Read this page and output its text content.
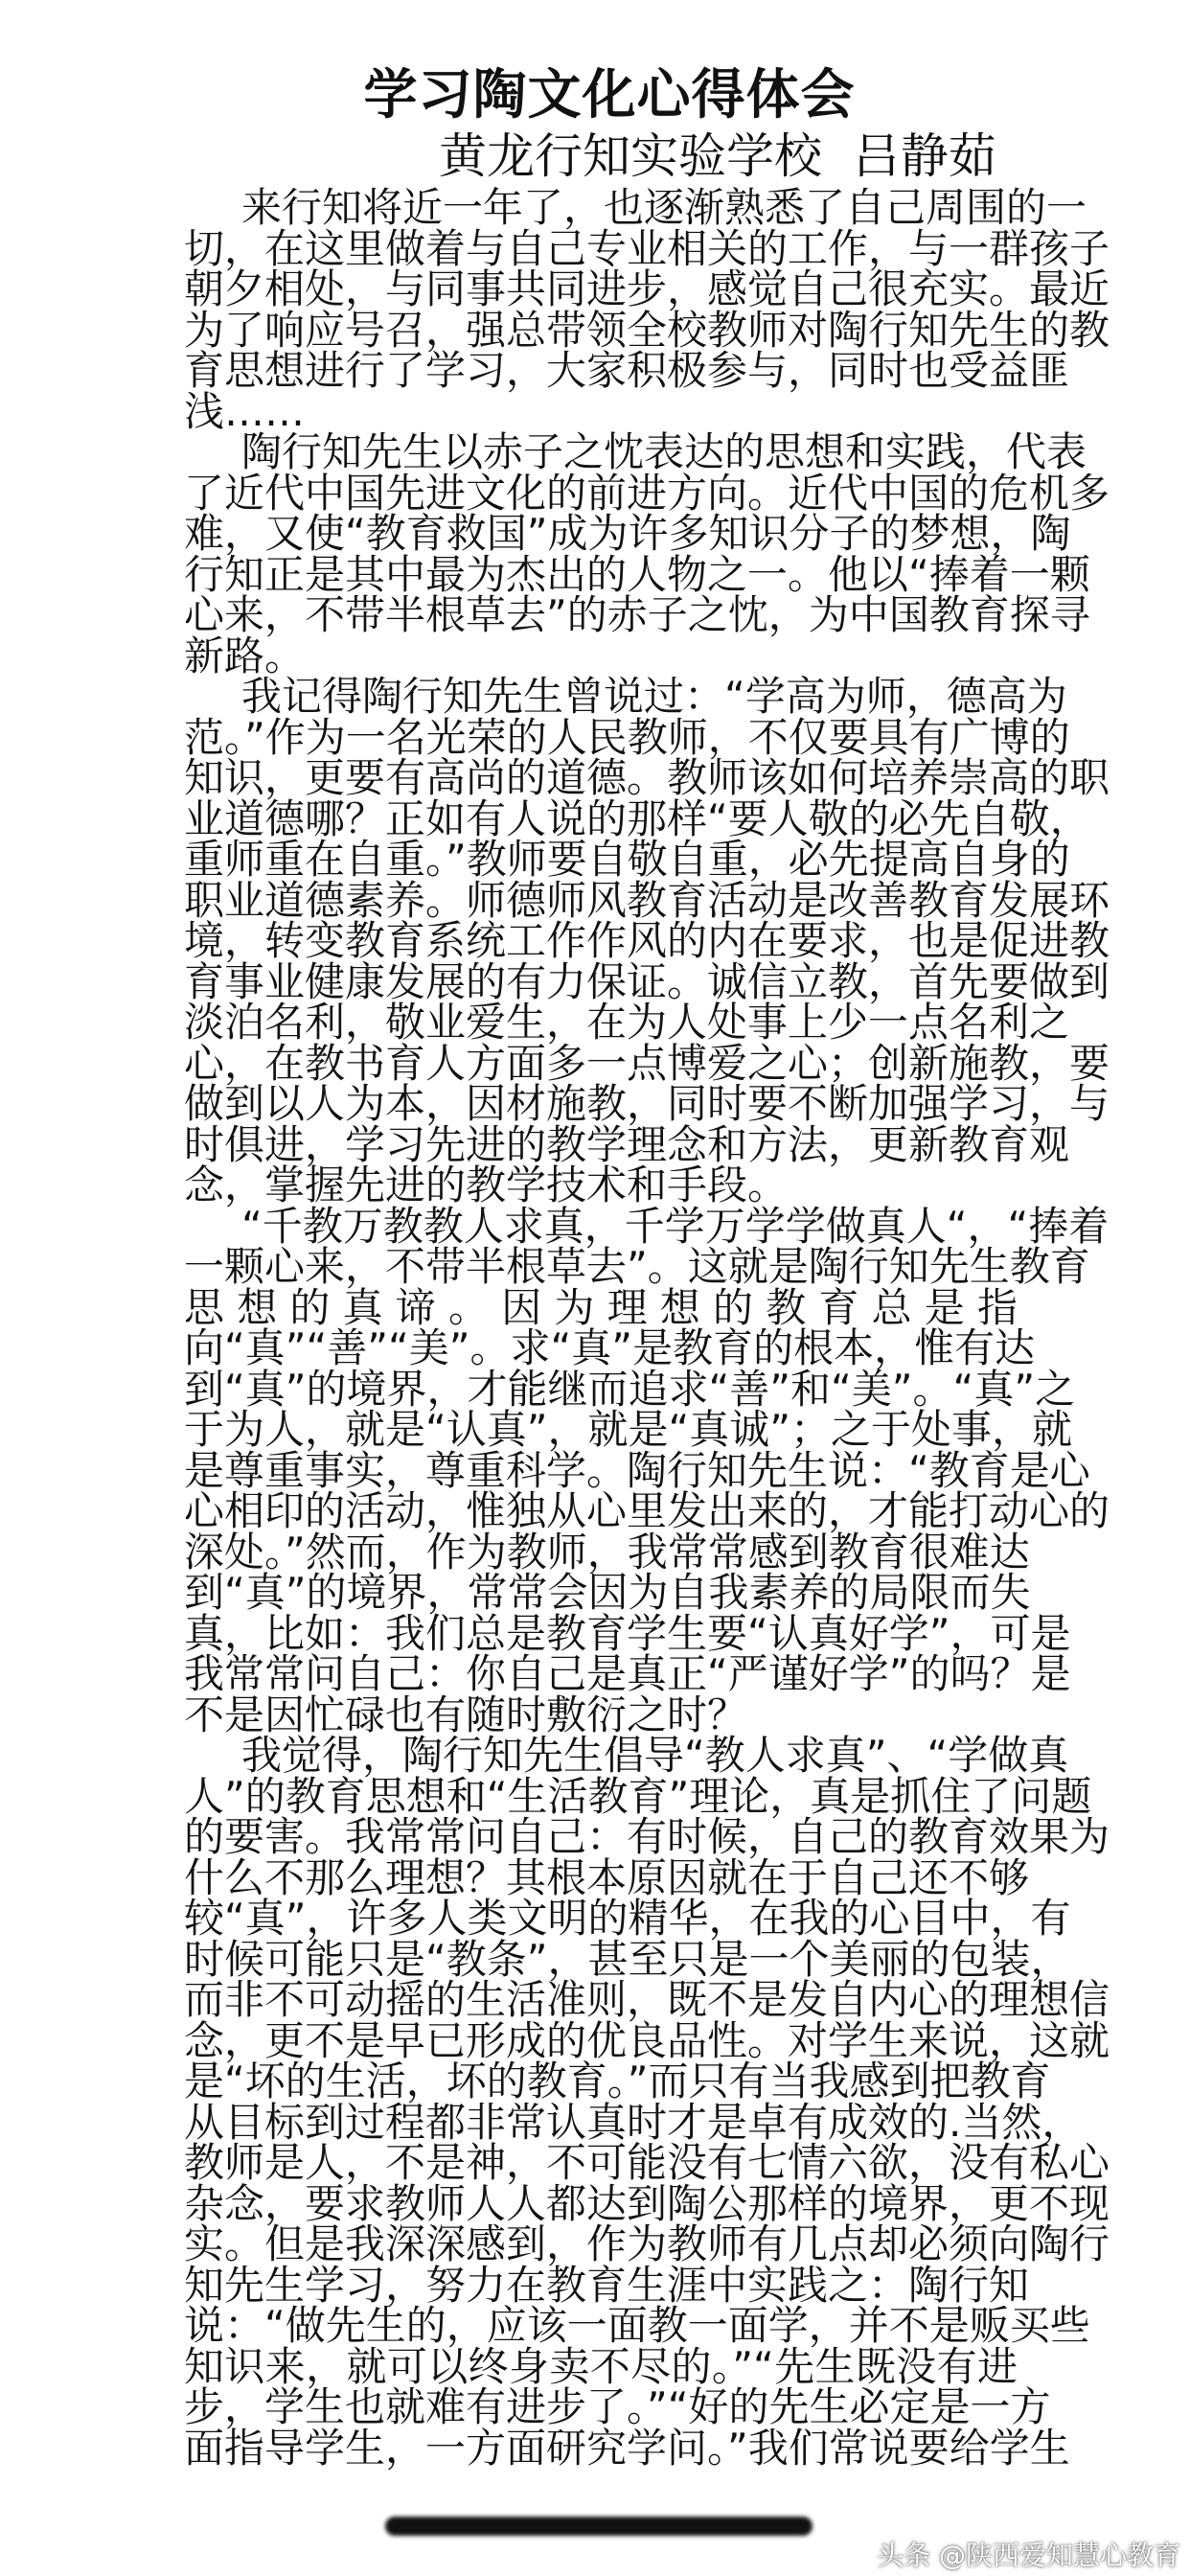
学习陶文化心得体会
黄龙行知实验学校  吕静茹
来行知将近一年了，也逐渐熟悉了自己周围的一
切，在这里做着与自己专业相关的工作，与一群孩子
朝夕相处，与同事共同进步，感觉自己很充实。最近
为了响应号召，强总带领全校教师对陶行知先生的教
育思想进行了学习，大家积极参与，同时也受益匪
浅……
陶行知先生以赤子之忱表达的思想和实践，代表
了近代中国先进文化的前进方向。近代中国的危机多
难，又使“教育救国”成为许多知识分子的梦想，陶
行知正是其中最为杰出的人物之一。他以“捧着一颗
心来，不带半根草去”的赤子之忱，为中国教育探寻
新路。
我记得陶行知先生曾说过：“学高为师，德高为
范。”作为一名光荣的人民教师，不仅要具有广博的
知识，更要有高尚的道德。教师该如何培养崇高的职
业道德哪？正如有人说的那样“要人敬的必先自敬，
重师重在自重。”教师要自敬自重，必先提高自身的
职业道德素养。师德师风教育活动是改善教育发展环
境，转变教育系统工作作风的内在要求，也是促进教
育事业健康发展的有力保证。诚信立教，首先要做到
淡泊名利，敬业爱生，在为人处事上少一点名利之
心，在教书育人方面多一点博爱之心；创新施教，要
做到以人为本，因材施教，同时要不断加强学习，与
时俱进，学习先进的教学理念和方法，更新教育观
念，掌握先进的教学技术和手段。
“千教万教教人求真，千学万学学做真人“，“捧着
一颗心来，不带半根草去”。这就是陶行知先生教育
思想的真谛。因为理想的教育总是指
向“真”“善”“美”。求“真”是教育的根本，惟有达
到“真”的境界，才能继而追求“善”和“美”。“真”之
于为人，就是“认真”，就是“真诚”；之于处事，就
是尊重事实，尊重科学。陶行知先生说：“教育是心
心相印的活动，惟独从心里发出来的，才能打动心的
深处。”然而，作为教师，我常常感到教育很难达
到“真”的境界，常常会因为自我素养的局限而失
真，比如：我们总是教育学生要“认真好学”，可是
我常常问自己：你自己是真正“严谨好学”的吗？是
不是因忙碌也有随时敷衍之时？
我觉得，陶行知先生倡导“教人求真”、“学做真
人”的教育思想和“生活教育”理论，真是抓住了问题
的要害。我常常问自己：有时候，自己的教育效果为
什么不那么理想？其根本原因就在于自己还不够
较“真”，许多人类文明的精华，在我的心目中，有
时候可能只是“教条”，甚至只是一个美丽的包装，
而非不可动摇的生活准则，既不是发自内心的理想信
念，更不是早已形成的优良品性。对学生来说，这就
是“坏的生活，坏的教育。”而只有当我感到把教育
从目标到过程都非常认真时才是卓有成效的.当然，
教师是人，不是神，不可能没有七情六欲，没有私心
杂念，要求教师人人都达到陶公那样的境界，更不现
实。但是我深深感到，作为教师有几点却必须向陶行
知先生学习，努力在教育生涯中实践之：陶行知
说：“做先生的，应该一面教一面学，并不是贩买些
知识来，就可以终身卖不尽的。”“先生既没有进
步，学生也就难有进步了。”“好的先生必定是一方
面指导学生，一方面研究学问。”我们常说要给学生
头条 @陕西爱知慧心教育
